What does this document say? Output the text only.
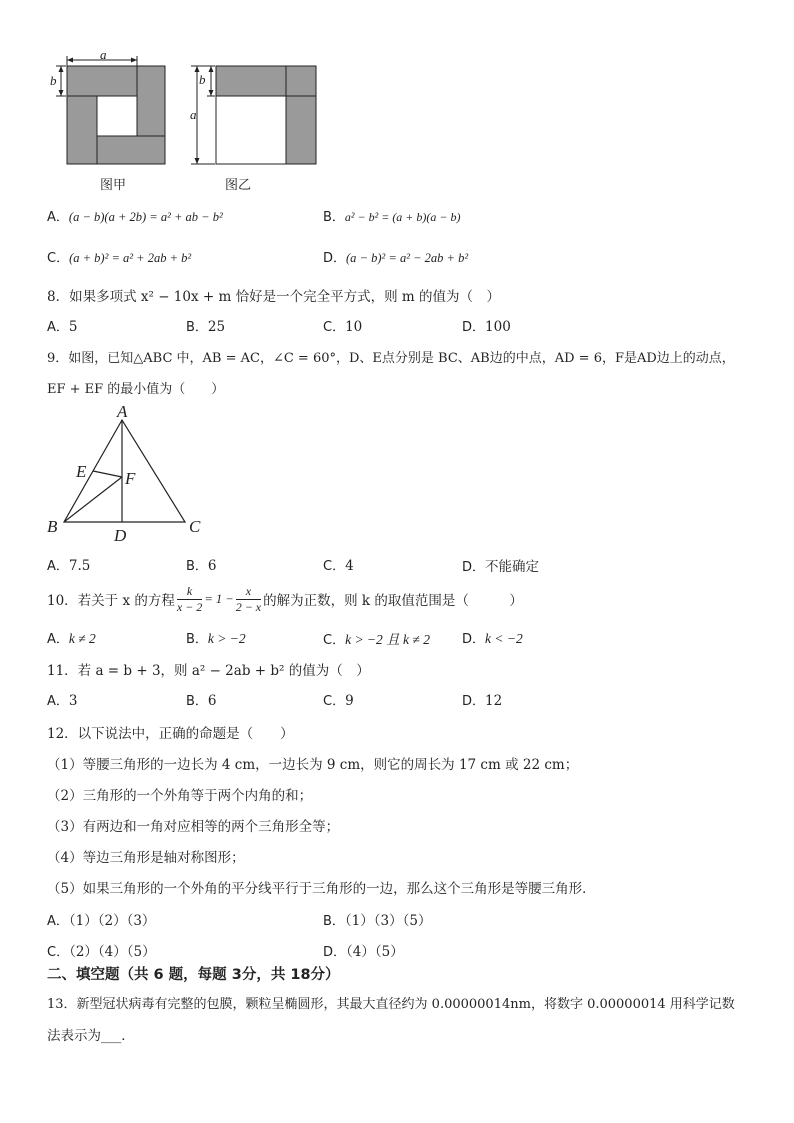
a
b
图甲
b
a
图乙
A．(a − b)(a + 2b) = a² + ab − b²	B．a² − b² = (a + b)(a − b)
C．(a + b)² = a² + 2ab + b²	D．(a − b)² = a² − 2ab + b²
8．如果多项式 x² − 10x + m 恰好是一个完全平方式，则 m 的值为（　）
A．5	B．25	C．10	D．100
9．如图，已知△ABC 中，AB = AC，∠C = 60°，D、E点分别是 BC、AB边的中点，AD = 6，F是AD边上的动点，
EF + EF 的最小值为（　　）
A
E F
B	C
D
A．7.5	B．6	C．4	D．不能确定
10．若关于 x 的方程
k
x − 2
= 1 −
x
2 − x 的解为正数，则 k 的取值范围是（　　　）
A．k ≠ 2	B．k > −2	C．k > −2 且 k ≠ 2 D．k < −2
11．若 a = b + 3，则 a² − 2ab + b² 的值为（　）
A．3	B．6	C．9	D．12
12．以下说法中，正确的命题是（　　）
（1）等腰三角形的一边长为 4 cm，一边长为 9 cm，则它的周长为 17 cm 或 22 cm；
（2）三角形的一个外角等于两个内角的和；
（3）有两边和一角对应相等的两个三角形全等；
（4）等边三角形是轴对称图形；
（5）如果三角形的一个外角的平分线平行于三角形的一边，那么这个三角形是等腰三角形．
A．（1）（2）（3）	B．（1）（3）（5）
C．（2）（4）（5）	D．（4）（5）
二、填空题（共 6 题，每题 3分，共 18分）
13．新型冠状病毒有完整的包膜，颗粒呈椭圆形，其最大直径约为 0.00000014nm，将数字 0.00000014 用科学记数
法表示为___．
